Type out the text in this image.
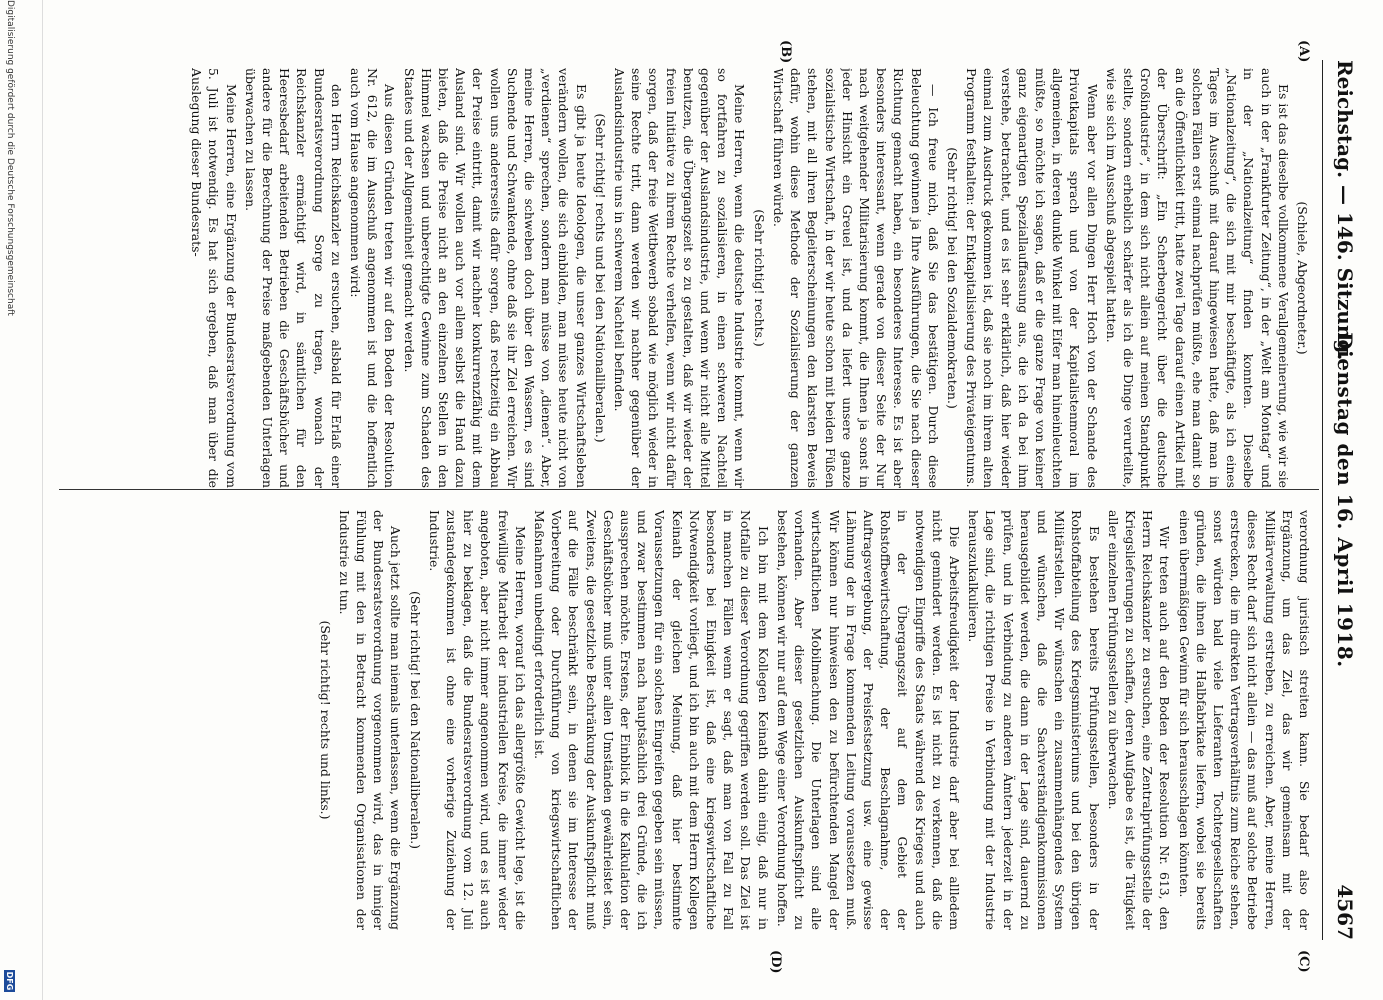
Reichstag. — 146. Sitzung.
Dienstag den 16. April 1918.
4567
(A)
(B)
(C)
(D)

(Schiele, Abgeordneter.)

Es ist das dieselbe vollkommene Verallgemeinerung, wie wir sie auch in der „Frankfurter Zeitung“, in der „Welt am Montag“ und in der „Nationalzeitung“ finden konnten. Dieselbe „Nationalzeitung“, die sich mit mir beschäftigte, als ich eines Tages im Ausschuß mit darauf hingewiesen hatte, daß man in solchen Fällen erst einmal nachprüfen müßte, ehe man damit so an die Öffentlichkeit tritt, hatte zwei Tage darauf einen Artikel mit der Überschrift: „Ein Scherbengericht über die deutsche Großindustrie“, in dem sich nicht allein auf meinen Standpunkt stellte, sondern erheblich schärfer als ich die Dinge verurteilte, wie sie sich im Ausschuß abgespielt hatten.

Wenn aber vor allen Dingen Herr Hoch von der Schande des Privatkapitals sprach und von der Kapitalistenmoral im allgemeinen, in deren dunkle Winkel mit Eifer man hineinleuchten müßte, so möchte ich sagen, daß er die ganze Frage von keiner ganz eigenartigen Speziallauffassung aus, die ich da bei ihm verstehe, betrachtet, und es ist sehr erklärlich, daß hier wieder einmal zum Ausdruck gekommen ist, daß sie noch im ihrem alten Programm festhalten: der Entkapitalisierung des Privateigentums.

(Sehr richtig! bei den Sozialdemokraten.)

— Ich freue mich, daß Sie das bestätigen. Durch diese Beleuchtung gewinnen ja Ihre Ausführungen, die Sie nach dieser Richtung gemacht haben, ein besonderes Interesse. Es ist aber besonders interessant, wenn gerade von dieser Seite der Nur nach weitgehender Militarisierung kommt, die Ihnen ja sonst in jeder Hinsicht ein Greuel ist, und da liefert unsere ganze sozialistische Wirtschaft, in der wir heute schon mit beiden Füßen stehen, mit all ihren Begleiterscheinungen den klarsten Beweis dafür, wohin diese Methode der Sozialisierung der ganzen Wirtschaft führen würde.

(Sehr richtig! rechts.)

Meine Herren, wenn die deutsche Industrie kommt, wenn wir so fortfahren zu sozialisieren, in einen schweren Nachteil gegenüber der Auslandsindustrie, und wenn wir nicht alle Mittel benutzen, die Übergangszeit so zu gestalten, daß wir wieder der freien Initiative zu ihrem Rechte verhelfen, wenn wir nicht dafür sorgen, daß der freie Wettbewerb sobald wie möglich wieder in seine Rechte tritt, dann werden wir nachher gegenüber der Auslandsindustrie uns in schwerem Nachteil befinden.

(Sehr richtig! rechts und bei den Nationalliberalen.)

Es gibt ja heute Ideologen, die unser ganzes Wirtschaftsleben verändern wollen, die sich einbilden, man müsse heute nicht von „verdienen“ sprechen, sondern man müsse von „dienen“. Aber, meine Herren, die schweben doch über den Wassern, es sind Suchende und Schwankende, ohne daß sie ihr Ziel erreichen. Wir wollen uns andererseits dafür sorgen, daß rechtzeitig ein Abbau der Preise eintritt, damit wir nachher konkurrenzfähig mit dem Ausland sind. Wir wollen auch vor allem selbst die Hand dazu bieten, daß die Preise nicht an den einzelnen Stellen in den Himmel wachsen und unberechtigte Gewinne zum Schaden des Staates und der Allgemeinheit gemacht werden.

Aus diesen Gründen treten wir auf den Boden der Resolution Nr. 612, die im Ausschuß angenommen ist und die hoffentlich auch vom Hause angenommen wird:

den Herrn Reichskanzler zu ersuchen, alsbald für Erlaß einer Bundesratsverordnung Sorge zu tragen, wonach der Reichskanzler ermächtigt wird, in sämtlichen für den Heeresbedarf arbeitenden Betrieben die Geschäftsbücher und andere für die Berechnung der Preise maßgebenden Unterlagen überwachen zu lassen.

Meine Herren, eine Ergänzung der Bundesratsverordnung vom 5. Juli ist notwendig. Es hat sich ergeben, daß man über die Auslegung dieser Bundesrats-

verordnung juristisch streiten kann. Sie bedarf also der Ergänzung, um das Ziel, das wir gemeinsam mit der Militärverwaltung erstreben, zu erreichen. Aber, meine Herren, dieses Recht darf sich nicht allein — das muß auf solche Betriebe erstrecken, die im direkten Vertragsverhältnis zum Reiche stehen, sonst würden bald viele Lieferanten Tochtergesellschaften gründen, die ihnen die Halbfabrikate liefern, wobei sie bereits einen übermäßigen Gewinn für sich herausschlagen könnten.

Wir treten auch auf den Boden der Resolution Nr. 613, den Herrn Reichskanzler zu ersuchen, eine Zentralprüfungsstelle der Kriegslieferungen zu schaffen, deren Aufgabe es ist, die Tätigkeit aller einzelnen Prüfungsstellen zu überwachen.

Es bestehen bereits Prüfungsstellen, besonders in der Rohstoffabteilung des Kriegsministeriums und bei den übrigen Militärstellen. Wir wünschen ein zusammenhängendes System und wünschen, daß die Sachverständigenkommissionen herausgebildet werden, die dann in der Lage sind, dauernd zu prüfen, und in Verbindung zu anderen Ämtern jederzeit in der Lage sind, die richtigen Preise in Verbindung mit der Industrie herauszukalkulieren.

Die Arbeitsfreudigkeit der Industrie darf aber bei allledem nicht gemindert werden. Es ist nicht zu verkennen, daß die notwendigen Eingriffe des Staats während des Krieges und auch in der Übergangszeit auf dem Gebiet der Rohstoffbewirtschaftung, der Beschlagnahme, der Auftragsvergebung, der Preisfestsetzung usw. eine gewisse Lähmung der in Frage kommenden Leitung voraussetzen muß. Wir können nur hinweisen den zu befürchtenden Mangel der wirtschaftlichen Mobilmachung. Die Unterlagen sind alle vorhanden. Aber dieser gesetzlichen Auskunftspflicht zu bestehen, können wir nur auf dem Wege einer Verordnung hoffen.

Ich bin mit dem Kollegen Keinath dahin einig, daß nur in Notfalle zu dieser Verordnung gegriffen werden soll. Das Ziel ist in manchen Fällen wenn er sagt, daß man von Fall zu Fall besonders bei Einigkeit ist, daß eine kriegswirtschaftliche Notwendigkeit vorliegt, und ich bin auch mit dem Herrn Kollegen Keinath der gleichen Meinung, daß hier bestimmte Voraussetzungen für ein solches Eingreifen gegeben sein müssen, und zwar bestimmen nach hauptsächlich drei Gründe, die ich aussprechen möchte. Erstens, der Einblick in die Kalkulation der Geschäftsbücher muß unter allen Umständen gewährleistet sein, Zweitens, die gesetzliche Beschränkung der Auskunftspflicht muß auf die Fälle beschränkt sein, in denen sie im Interesse der Vorbereitung oder Durchführung von kriegswirtschaftlichen Maßnahmen unbedingt erforderlich ist.

Meine Herren, worauf ich das allergrößte Gewicht lege, ist die freiwillige Mitarbeit der industriellen Kreise, die immer wieder angeboten, aber nicht immer angenommen wird, und es ist auch hier zu beklagen, daß die Bundesratsverordnung vom 12. Juli zustandegekommen ist ohne eine vorherige Zuziehung der Industrie.

(Sehr richtig! bei den Nationalliberalen.)

Auch jetzt sollte man niemals unterlassen, wenn die Ergänzung der Bundesratsverordnung vorgenommen wird, das in inniger Fühlung mit den in Betracht kommenden Organisationen der Industrie zu tun.

(Sehr richtig! rechts und links.)

Digitalisierung gefördert durch die Deutsche Forschungsgemeinschaft
DFG
